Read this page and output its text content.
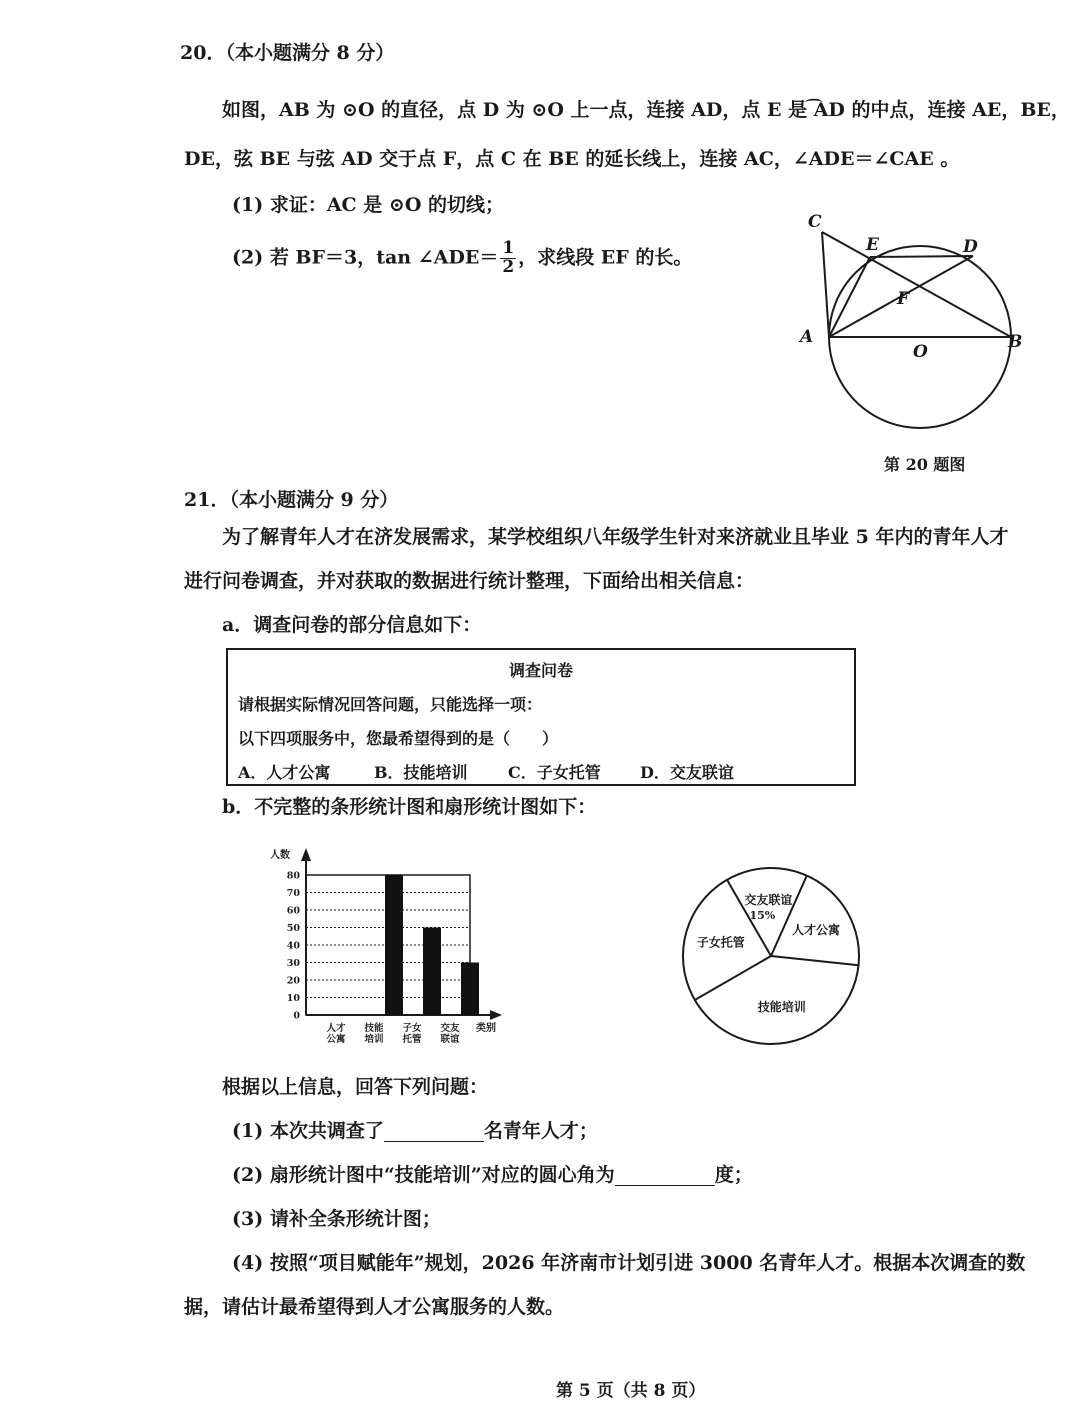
20．（本小题满分 8 分）
如图，AB 为 ⊙O 的直径，点 D 为 ⊙O 上一点，连接 AD，点 E 是 ͡AD 的中点，连接 AE，BE，
DE，弦 BE 与弦 AD 交于点 F，点 C 在 BE 的延长线上，连接 AC，∠ADE＝∠CAE 。
(1) 求证：AC 是 ⊙O 的切线；
(2) 若 BF＝3，tan ∠ADE＝ $\frac{1}{2}$ ，求线段 EF 的长。
C
E	D
F
A
O	B
第 20 题图
21．（本小题满分 9 分）
为了解青年人才在济发展需求，某学校组织八年级学生针对来济就业且毕业 5 年内的青年人才
进行问卷调查，并对获取的数据进行统计整理，下面给出相关信息：
a．调查问卷的部分信息如下：
调查问卷
请根据实际情况回答问题，只能选择一项：
以下四项服务中，您最希望得到的是（　　）
A．人才公寓	B．技能培训	C．子女托管 D．交友联谊
b．不完整的条形统计图和扇形统计图如下：
0
10
20
30
40
50
60
70
80
人数
类别
人才
公寓
技能
培训
子女
托管
交友
联谊
交友联谊
15%
人才公寓
技能培训
子女托管
根据以上信息，回答下列问题：
(1) 本次共调查了	名青年人才；
(2) 扇形统计图中“技能培训”对应的圆心角为	度；
(3) 请补全条形统计图；
(4) 按照“项目赋能年”规划，2026 年济南市计划引进 3000 名青年人才。根据本次调查的数
据，请估计最希望得到人才公寓服务的人数。
第 5 页（共 8 页）
